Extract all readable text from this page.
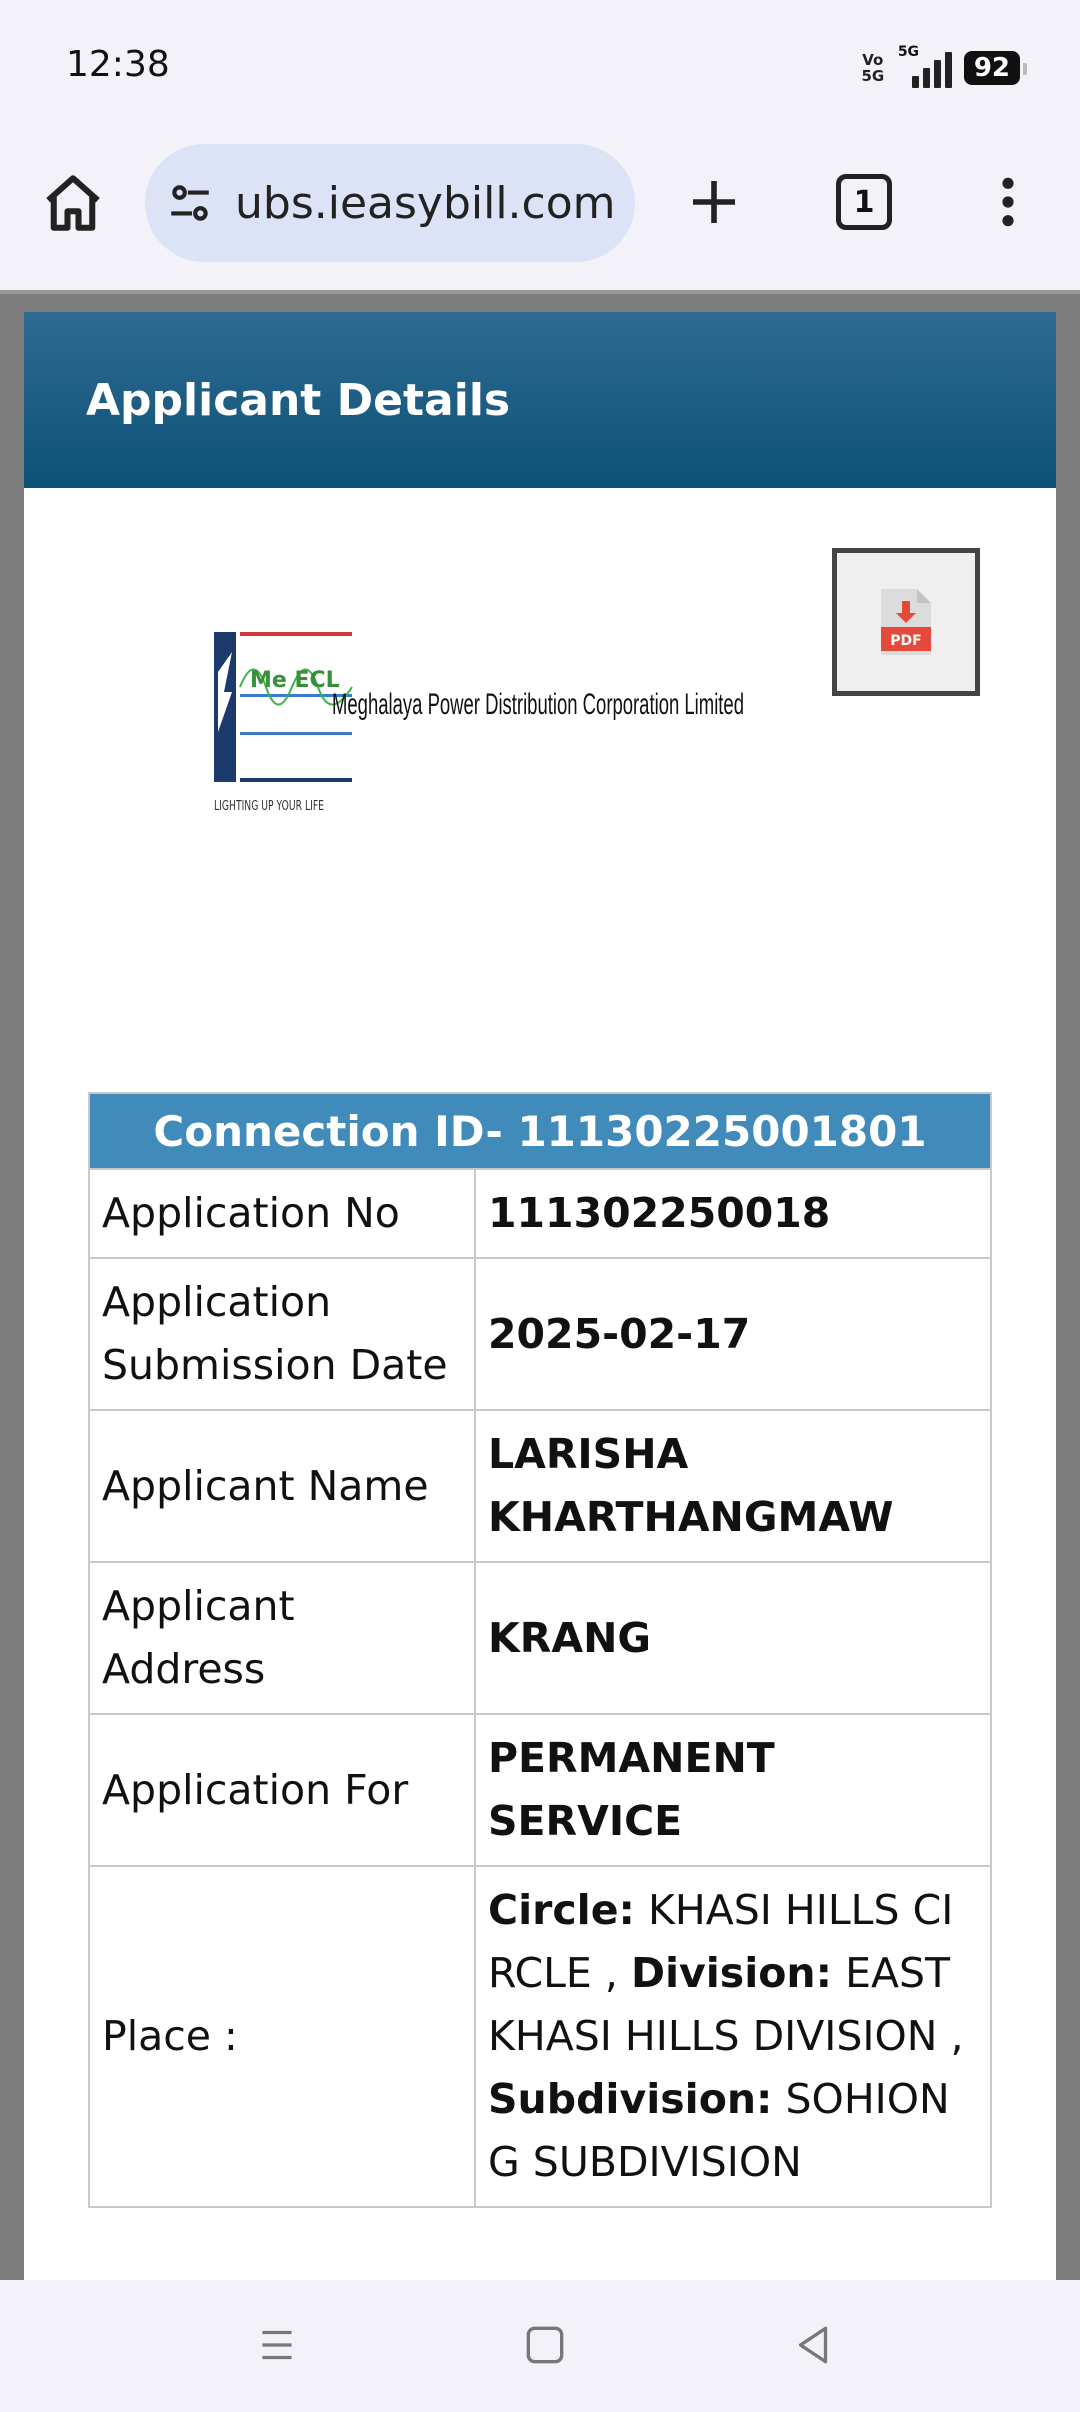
12:38	Vo 5G
5G
92
ubs.ieasybill.com	1
Applicant Details
Me ECL
Meghalaya Power Distribution Corporation Limited
LIGHTING UP YOUR LIFE
PDF
Connection ID- 11130225001801	
Application No	111302250018
Application Submission Date	2025-02-17
Applicant Name	LARISHA KHARTHANGMAW
Applicant Address	KRANG
Application For	PERMANENT SERVICE
Place :	Circle: KHASI HILLS CIRCLE , Division: EAST KHASI HILLS DIVISION , Subdivision: SOHIONG SUBDIVISION
